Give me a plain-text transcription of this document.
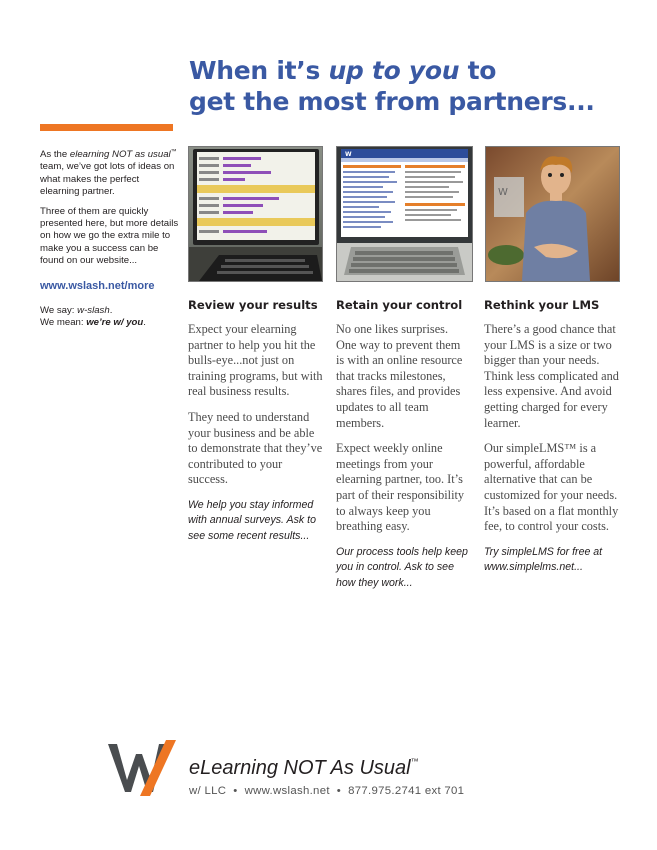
When it’s up to you to
get the most from partners...

As the elearning NOT as usual™ team, we’ve got lots of ideas on what makes the perfect elearning partner.

Three of them are quickly presented here, but more details on how we go the extra mile to make you a success can be found on our website...

www.wslash.net/more
We say: w-slash.
We mean: we’re w/ you.
W
W
Review your results Retain your control Rethink your LMS

Expect your elearning partner to help you hit the bulls-eye...not just on training programs, but with real business results.

They need to understand your business and be able to demonstrate that they’ve contributed to your success.

We help you stay informed with annual surveys. Ask to see some recent results...

No one likes surprises. One way to prevent them is with an online resource that tracks milestones, shares files, and provides updates to all team members.

Expect weekly online meetings from your elearning partner, too. It’s part of their responsibility to always keep you breathing easy.

Our process tools help keep you in control. Ask to see how they work...

There’s a good chance that your LMS is a size or two bigger than your needs. Think less complicated and less expensive. And avoid getting charged for every learner.

Our simpleLMS™ is a powerful, affordable alternative that can be customized for your needs. It’s based on a flat monthly fee, to control your costs.

Try simpleLMS for free at www.simplelms.net...

eLearning NOT As Usual™
w/ LLC • www.wslash.net • 877.975.2741 ext 701
